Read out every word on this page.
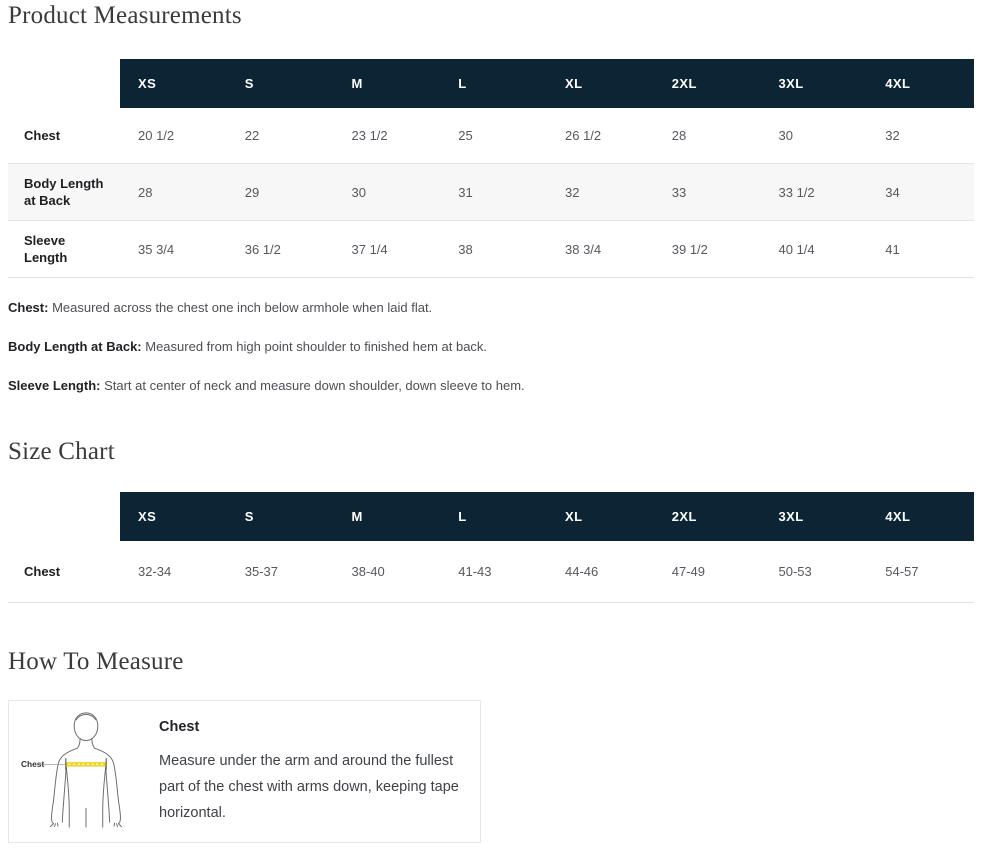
Product Measurements
	XS	S	M	L	XL	2XL	3XL	4XL
Chest	20 1/2	22	23 1/2	25	26 1/2	28	30	32
Body Length at Back	28	29	30	31	32	33	33 1/2	34
Sleeve Length	35 3/4	36 1/2	37 1/4	38	38 3/4	39 1/2	40 1/4	41

Chest: Measured across the chest one inch below armhole when laid flat.

Body Length at Back: Measured from high point shoulder to finished hem at back.

Sleeve Length: Start at center of neck and measure down shoulder, down sleeve to hem.

Size Chart
	XS	S	M	L	XL	2XL	3XL	4XL
Chest	32-34	35-37	38-40	41-43	44-46	47-49	50-53	54-57
How To Measure
Chest
Chest

Measure under the arm and around the fullest part of the chest with arms down, keeping tape horizontal.
